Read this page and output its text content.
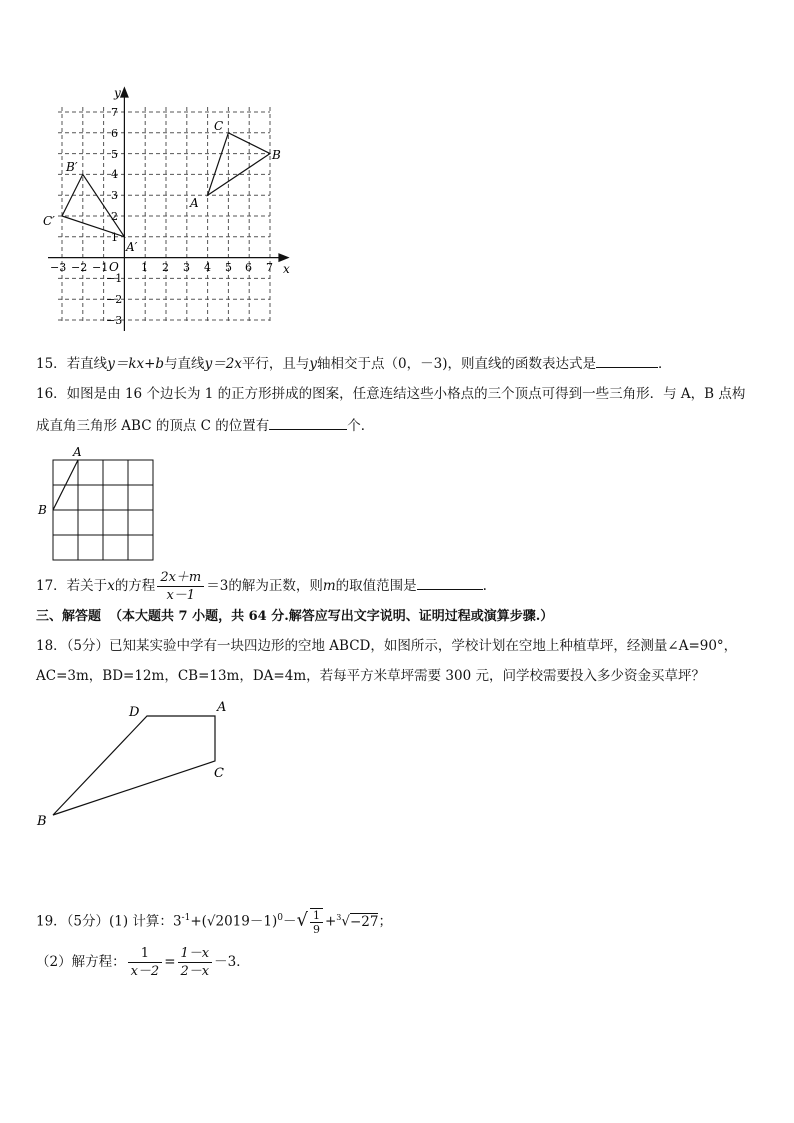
x
y
O
−3 −2 −1	1 2 3 4 5 6 7
7
6
5
4
3
2
1
−1
−2
−3
A
B
C
A′
B′
C′
15．若直线y＝kx+b与直线y＝2x平行，且与y轴相交于点（0，－3)，则直线的函数表达式是	．
16．如图是由 16 个边长为 1 的正方形拼成的图案，任意连结这些小格点的三个顶点可得到一些三角形．与 A，B 点构
成直角三角形 ABC 的顶点 C 的位置有	个．
A
B
17．若关于x的方程 $\frac{2x+m}{x-1} =3$的解为正数，则m的取值范围是	.
三、解答题 （本大题共 7 小题，共 64 分.解答应写出文字说明、证明过程或演算步骤.）
18．（5分）已知某实验中学有一块四边形的空地 ABCD，如图所示，学校计划在空地上种植草坪，经测量∠A=90°，
AC=3m，BD=12m，CB=13m，DA=4m，若每平方米草坪需要 300 元，问学校需要投入多少资金买草坪？
A
B
C
D
19．（5分）(1) 计算：$3^{-1}+(√2019-1)^0-√ \frac{1}{9} +^3√-27$；
（2）解方程： $\frac{1}{x-2} = \frac{1-x}{2-x} -3$．
